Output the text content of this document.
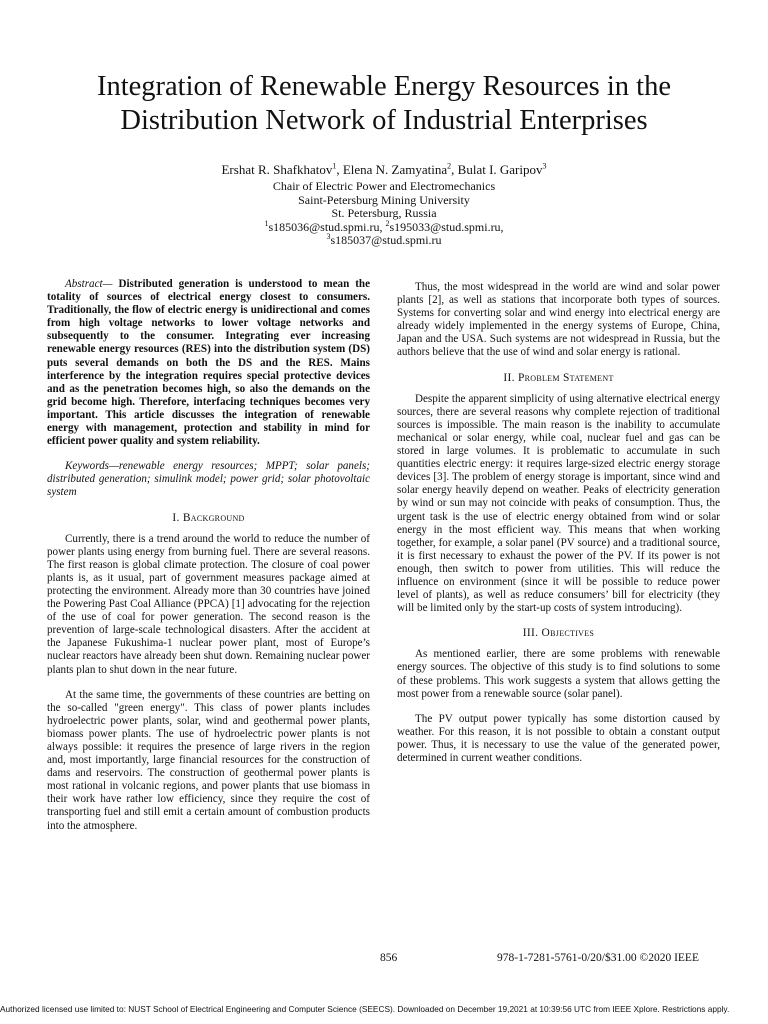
Integration of Renewable Energy Resources in the Distribution Network of Industrial Enterprises
Ershat R. Shafkhatov$^1$, Elena N. Zamyatina$^2$, Bulat I. Garipov$^3$
Chair of Electric Power and Electromechanics
Saint-Petersburg Mining University
St. Petersburg, Russia
$^1$s185036@stud.spmi.ru, $^2$s195033@stud.spmi.ru,
$^3$s185037@stud.spmi.ru

Abstract— Distributed generation is understood to mean the totality of sources of electrical energy closest to consumers. Traditionally, the flow of electric energy is unidirectional and comes from high voltage networks to lower voltage networks and subsequently to the consumer. Integrating ever increasing renewable energy resources (RES) into the distribution system (DS) puts several demands on both the DS and the RES. Mains interference by the integration requires special protective devices and as the penetration becomes high, so also the demands on the grid become high. Therefore, interfacing techniques becomes very important. This article discusses the integration of renewable energy with management, protection and stability in mind for efficient power quality and system reliability.

Keywords—renewable energy resources; MPPT; solar panels; distributed generation; simulink model; power grid; solar photovoltaic system

I. Background

Currently, there is a trend around the world to reduce the number of power plants using energy from burning fuel. There are several reasons. The first reason is global climate protection. The closure of coal power plants is, as it usual, part of government measures package aimed at protecting the environment. Already more than 30 countries have joined the Powering Past Coal Alliance (PPCA) [1] advocating for the rejection of the use of coal for power generation. The second reason is the prevention of large-scale technological disasters. After the accident at the Japanese Fukushima-1 nuclear power plant, most of Europe’s nuclear reactors have already been shut down. Remaining nuclear power plants plan to shut down in the near future.

At the same time, the governments of these countries are betting on the so-called "green energy". This class of power plants includes hydroelectric power plants, solar, wind and geothermal power plants, biomass power plants. The use of hydroelectric power plants is not always possible: it requires the presence of large rivers in the region and, most importantly, large financial resources for the construction of dams and reservoirs. The construction of geothermal power plants is most rational in volcanic regions, and power plants that use biomass in their work have rather low efficiency, since they require the cost of transporting fuel and still emit a certain amount of combustion products into the atmosphere.

Thus, the most widespread in the world are wind and solar power plants [2], as well as stations that incorporate both types of sources. Systems for converting solar and wind energy into electrical energy are already widely implemented in the energy systems of Europe, China, Japan and the USA. Such systems are not widespread in Russia, but the authors believe that the use of wind and solar energy is rational.

II. Problem Statement

Despite the apparent simplicity of using alternative electrical energy sources, there are several reasons why complete rejection of traditional sources is impossible. The main reason is the inability to accumulate mechanical or solar energy, while coal, nuclear fuel and gas can be stored in large volumes. It is problematic to accumulate in such quantities electric energy: it requires large-sized electric energy storage devices [3]. The problem of energy storage is important, since wind and solar energy heavily depend on weather. Peaks of electricity generation by wind or sun may not coincide with peaks of consumption. Thus, the urgent task is the use of electric energy obtained from wind or solar energy in the most efficient way. This means that when working together, for example, a solar panel (PV source) and a traditional source, it is first necessary to exhaust the power of the PV. If its power is not enough, then switch to power from utilities. This will reduce the influence on environment (since it will be possible to reduce power level of plants), as well as reduce consumers’ bill for electricity (they will be limited only by the start-up costs of system introducing).

III. Objectives

As mentioned earlier, there are some problems with renewable energy sources. The objective of this study is to find solutions to some of these problems. This work suggests a system that allows getting the most power from a renewable source (solar panel).

The PV output power typically has some distortion caused by weather. For this reason, it is not possible to obtain a constant output power. Thus, it is necessary to use the value of the generated power, determined in current weather conditions.

856	978-1-7281-5761-0/20/$31.00 ©2020 IEEE
Authorized licensed use limited to: NUST School of Electrical Engineering and Computer Science (SEECS). Downloaded on December 19,2021 at 10:39:56 UTC from IEEE Xplore. Restrictions apply.
